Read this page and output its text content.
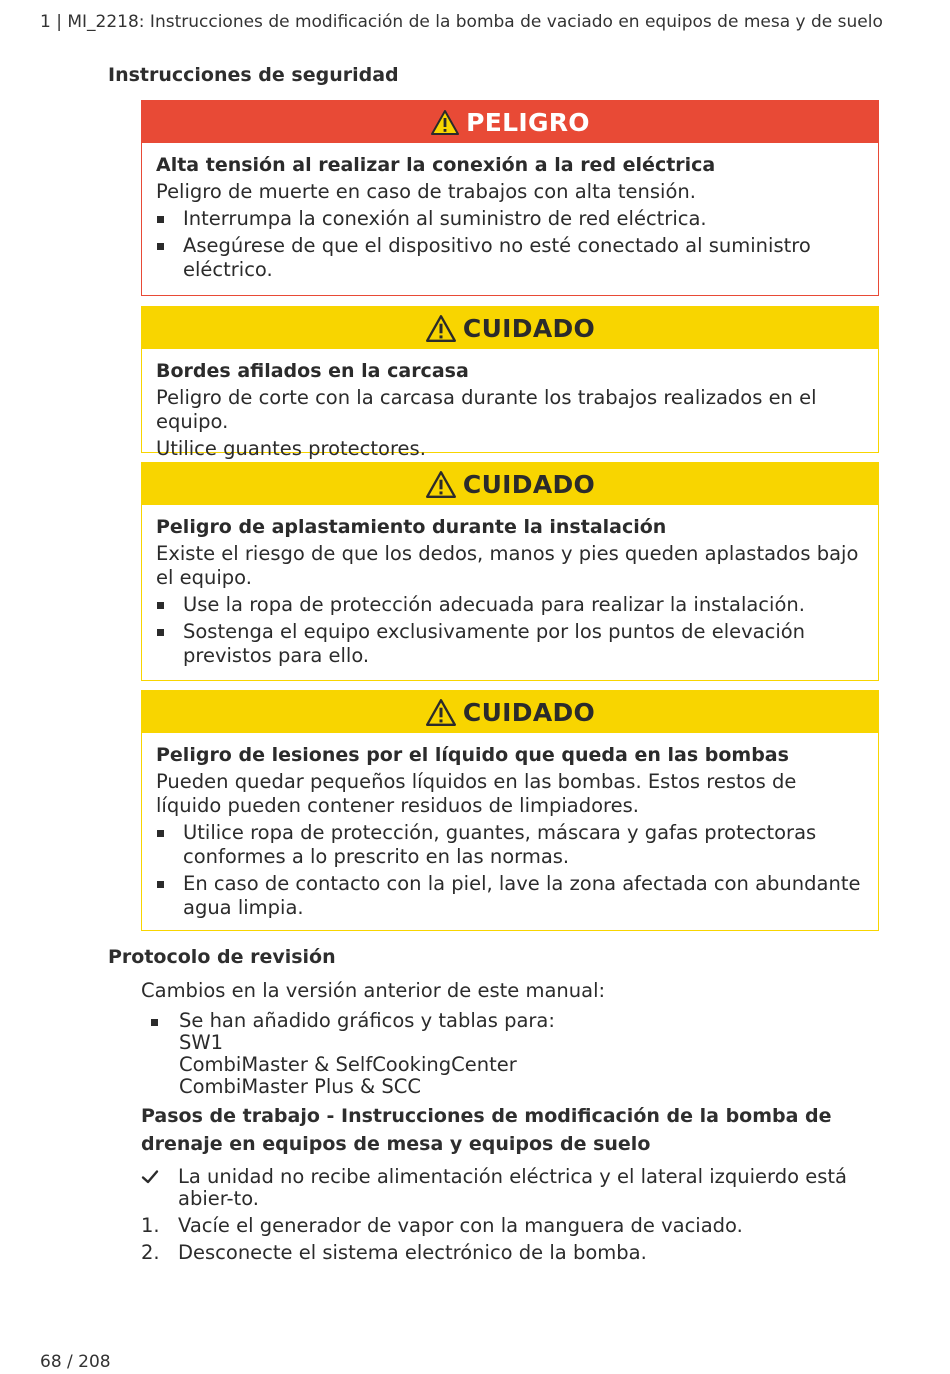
1 | MI_2218: Instrucciones de modificación de la bomba de vaciado en equipos de mesa y de suelo
Instrucciones de seguridad
PELIGRO
Alta tensión al realizar la conexión a la red eléctrica
Peligro de muerte en caso de trabajos con alta tensión.
Interrumpa la conexión al suministro de red eléctrica.
Asegúrese de que el dispositivo no esté conectado al suministro eléctrico.
CUIDADO
Bordes afilados en la carcasa
Peligro de corte con la carcasa durante los trabajos realizados en el equipo.
Utilice guantes protectores.
CUIDADO
Peligro de aplastamiento durante la instalación
Existe el riesgo de que los dedos, manos y pies queden aplastados bajo el equipo.
Use la ropa de protección adecuada para realizar la instalación.
Sostenga el equipo exclusivamente por los puntos de elevación previstos para ello.
CUIDADO
Peligro de lesiones por el líquido que queda en las bombas
Pueden quedar pequeños líquidos en las bombas. Estos restos de líquido pueden contener residuos de limpiadores.
Utilice ropa de protección, guantes, máscara y gafas protectoras conformes a lo prescrito en las normas.
En caso de contacto con la piel, lave la zona afectada con abundante agua limpia.
Protocolo de revisión
Cambios en la versión anterior de este manual:
Se han añadido gráficos y tablas para:
SW1
CombiMaster & SelfCookingCenter
CombiMaster Plus & SCC
Pasos de trabajo - Instrucciones de modificación de la bomba de drenaje en equipos de mesa y equipos de suelo
La unidad no recibe alimentación eléctrica y el lateral izquierdo está abier-to.
1. Vacíe el generador de vapor con la manguera de vaciado.
2. Desconecte el sistema electrónico de la bomba.
68 / 208
